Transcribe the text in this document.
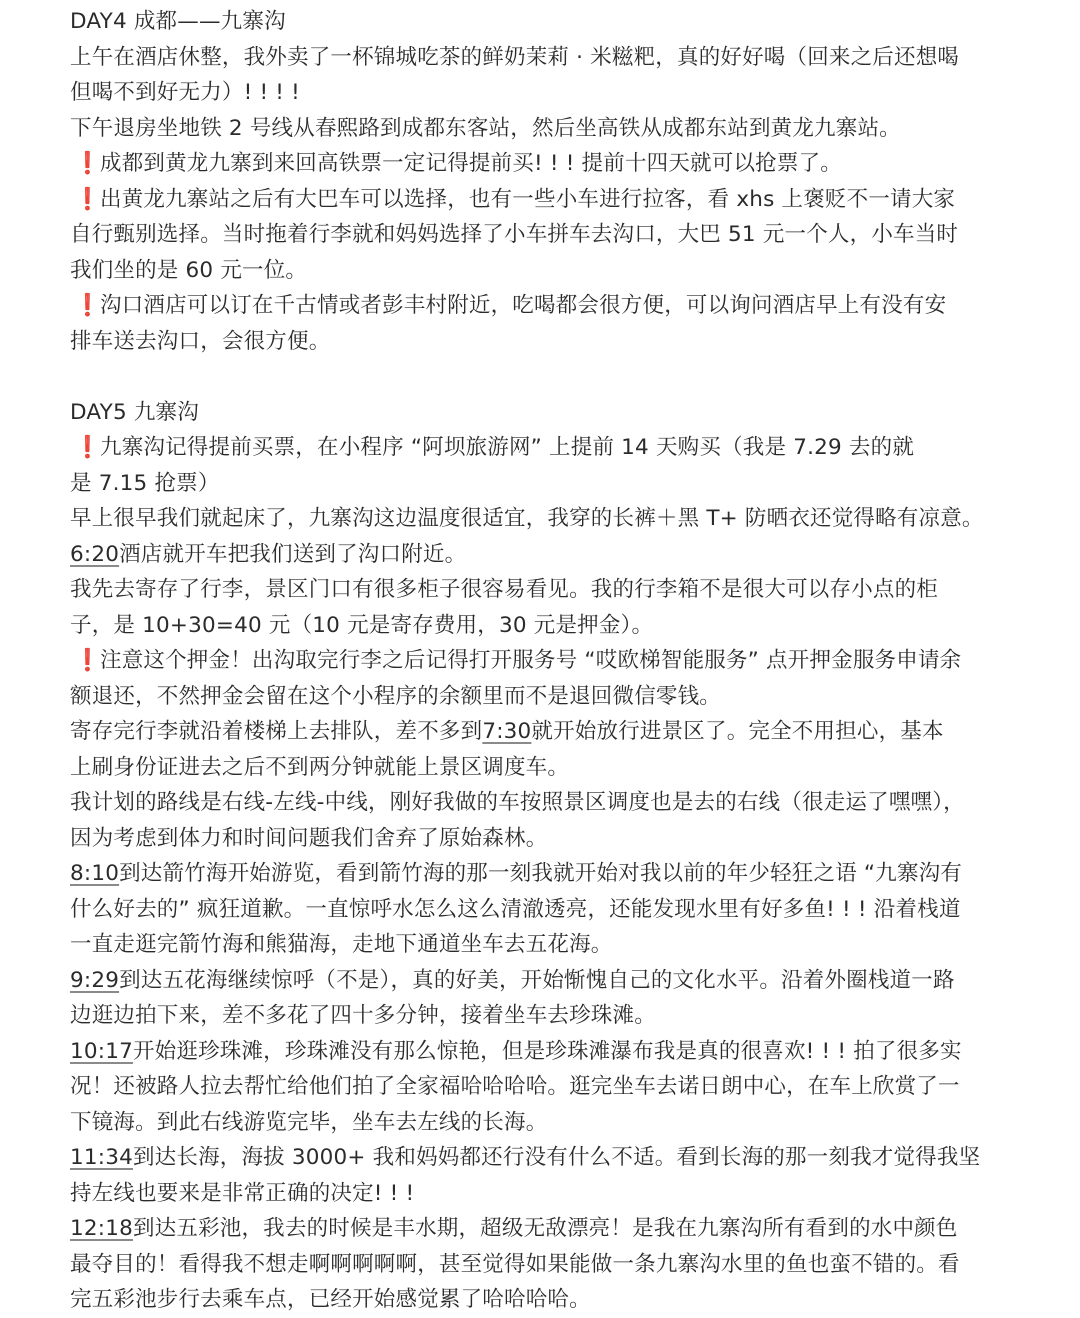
DAY4 成都——九寨沟
上午在酒店休整，我外卖了一杯锦城吃茶的鲜奶茉莉 · 米糍粑，真的好好喝（回来之后还想喝
但喝不到好无力）! ! ! !
下午退房坐地铁 2 号线从春熙路到成都东客站，然后坐高铁从成都东站到黄龙九寨站。
❗成都到黄龙九寨到来回高铁票一定记得提前买! ! ! 提前十四天就可以抢票了。
❗出黄龙九寨站之后有大巴车可以选择，也有一些小车进行拉客，看 xhs 上褒贬不一请大家
自行甄别选择。当时拖着行李就和妈妈选择了小车拼车去沟口，大巴 51 元一个人，小车当时
我们坐的是 60 元一位。
❗沟口酒店可以订在千古情或者彭丰村附近，吃喝都会很方便，可以询问酒店早上有没有安
排车送去沟口，会很方便。
DAY5 九寨沟
❗九寨沟记得提前买票，在小程序 “阿坝旅游网” 上提前 14 天购买（我是 7.29 去的就
是 7.15 抢票）
早上很早我们就起床了，九寨沟这边温度很适宜，我穿的长裤＋黑 T+ 防晒衣还觉得略有凉意。
6:20酒店就开车把我们送到了沟口附近。
我先去寄存了行李，景区门口有很多柜子很容易看见。我的行李箱不是很大可以存小点的柜
子，是 10+30=40 元（10 元是寄存费用，30 元是押金）。
❗注意这个押金！出沟取完行李之后记得打开服务号 “哎欧梯智能服务” 点开押金服务申请余
额退还，不然押金会留在这个小程序的余额里而不是退回微信零钱。
寄存完行李就沿着楼梯上去排队，差不多到7:30就开始放行进景区了。完全不用担心，基本
上刷身份证进去之后不到两分钟就能上景区调度车。
我计划的路线是右线-左线-中线，刚好我做的车按照景区调度也是去的右线（很走运了嘿嘿），
因为考虑到体力和时间问题我们舍弃了原始森林。
8:10到达箭竹海开始游览，看到箭竹海的那一刻我就开始对我以前的年少轻狂之语 “九寨沟有
什么好去的” 疯狂道歉。一直惊呼水怎么这么清澈透亮，还能发现水里有好多鱼! ! ! 沿着栈道
一直走逛完箭竹海和熊猫海，走地下通道坐车去五花海。
9:29到达五花海继续惊呼（不是），真的好美，开始惭愧自己的文化水平。沿着外圈栈道一路
边逛边拍下来，差不多花了四十多分钟，接着坐车去珍珠滩。
10:17开始逛珍珠滩，珍珠滩没有那么惊艳，但是珍珠滩瀑布我是真的很喜欢! ! ! 拍了很多实
况！还被路人拉去帮忙给他们拍了全家福哈哈哈哈。逛完坐车去诺日朗中心，在车上欣赏了一
下镜海。到此右线游览完毕，坐车去左线的长海。
11:34到达长海，海拔 3000+ 我和妈妈都还行没有什么不适。看到长海的那一刻我才觉得我坚
持左线也要来是非常正确的决定! ! !
12:18到达五彩池，我去的时候是丰水期，超级无敌漂亮！是我在九寨沟所有看到的水中颜色
最夺目的！看得我不想走啊啊啊啊啊，甚至觉得如果能做一条九寨沟水里的鱼也蛮不错的。看
完五彩池步行去乘车点，已经开始感觉累了哈哈哈哈。
